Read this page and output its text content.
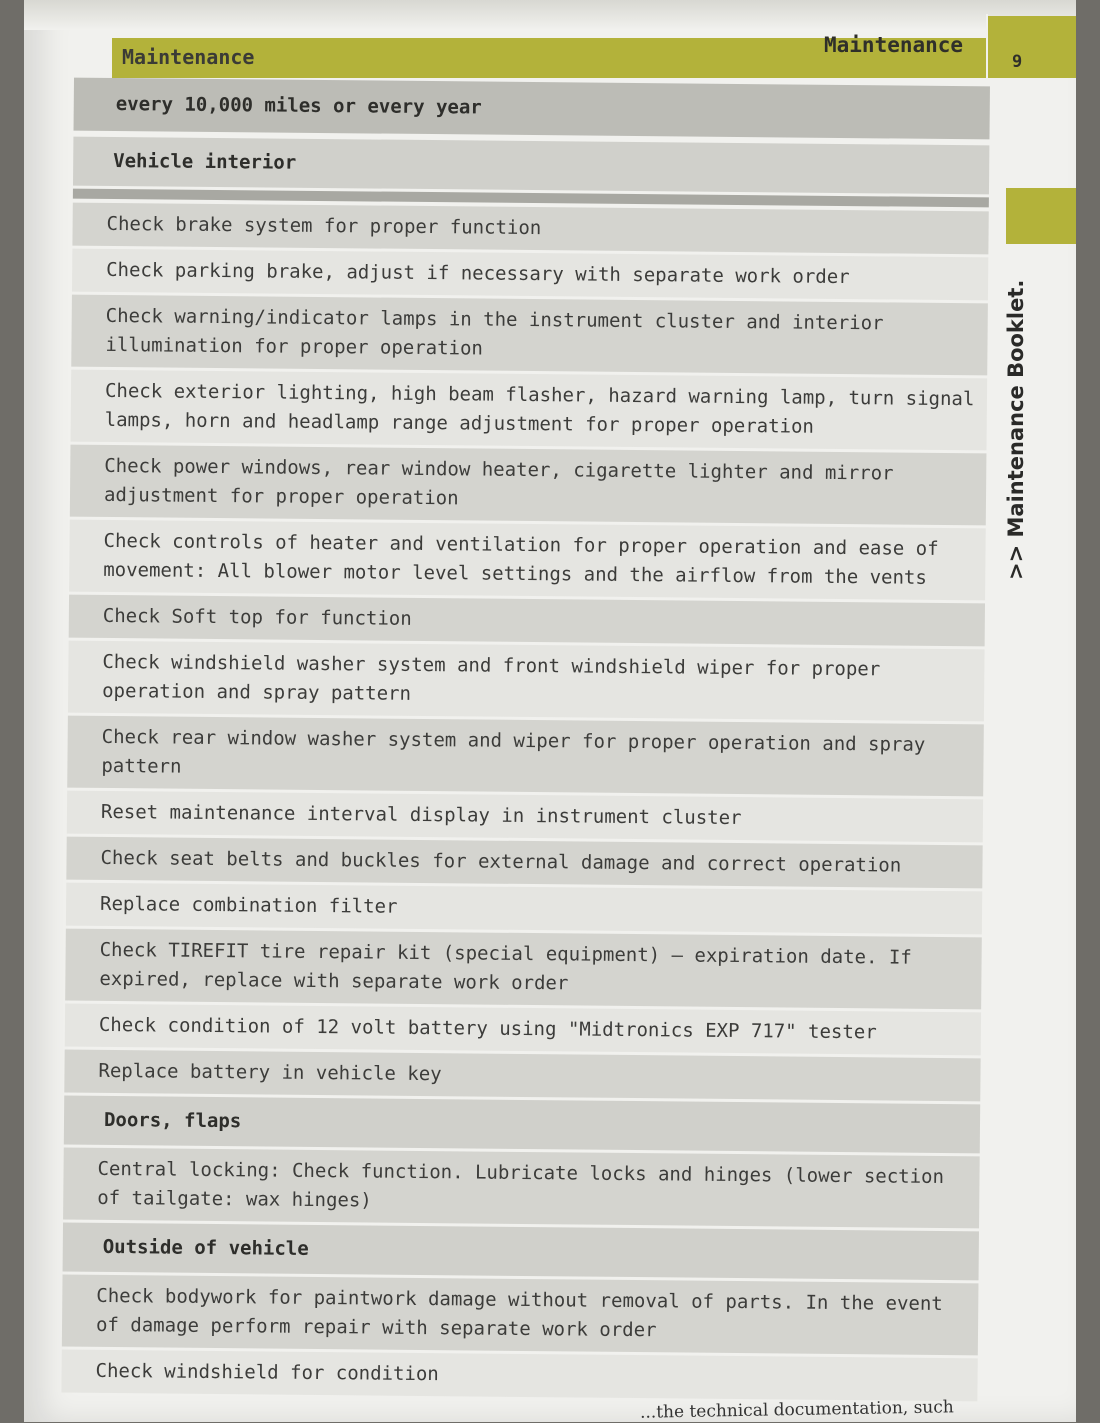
Maintenance	Maintenance
9
>> Maintenance Booklet.
every 10,000 miles or every year
Vehicle interior
Check brake system for proper function
Check parking brake, adjust if necessary with separate work order
Check warning/indicator lamps in the instrument cluster and interior illumination for proper operation
Check exterior lighting, high beam flasher, hazard warning lamp, turn signal lamps, horn and headlamp range adjustment for proper operation
Check power windows, rear window heater, cigarette lighter and mirror adjustment for proper operation
Check controls of heater and ventilation for proper operation and ease of movement: All blower motor level settings and the airflow from the vents
Check Soft top for function
Check windshield washer system and front windshield wiper for proper operation and spray pattern
Check rear window washer system and wiper for proper operation and spray pattern
Reset maintenance interval display in instrument cluster
Check seat belts and buckles for external damage and correct operation
Replace combination filter
Check TIREFIT tire repair kit (special equipment) – expiration date. If expired, replace with separate work order
Check condition of 12 volt battery using "Midtronics EXP 717" tester
Replace battery in vehicle key
Doors, flaps
Central locking: Check function. Lubricate locks and hinges (lower section of tailgate: wax hinges)
Outside of vehicle
Check bodywork for paintwork damage without removal of parts. In the event of damage perform repair with separate work order
Check windshield for condition
...the technical documentation, such
